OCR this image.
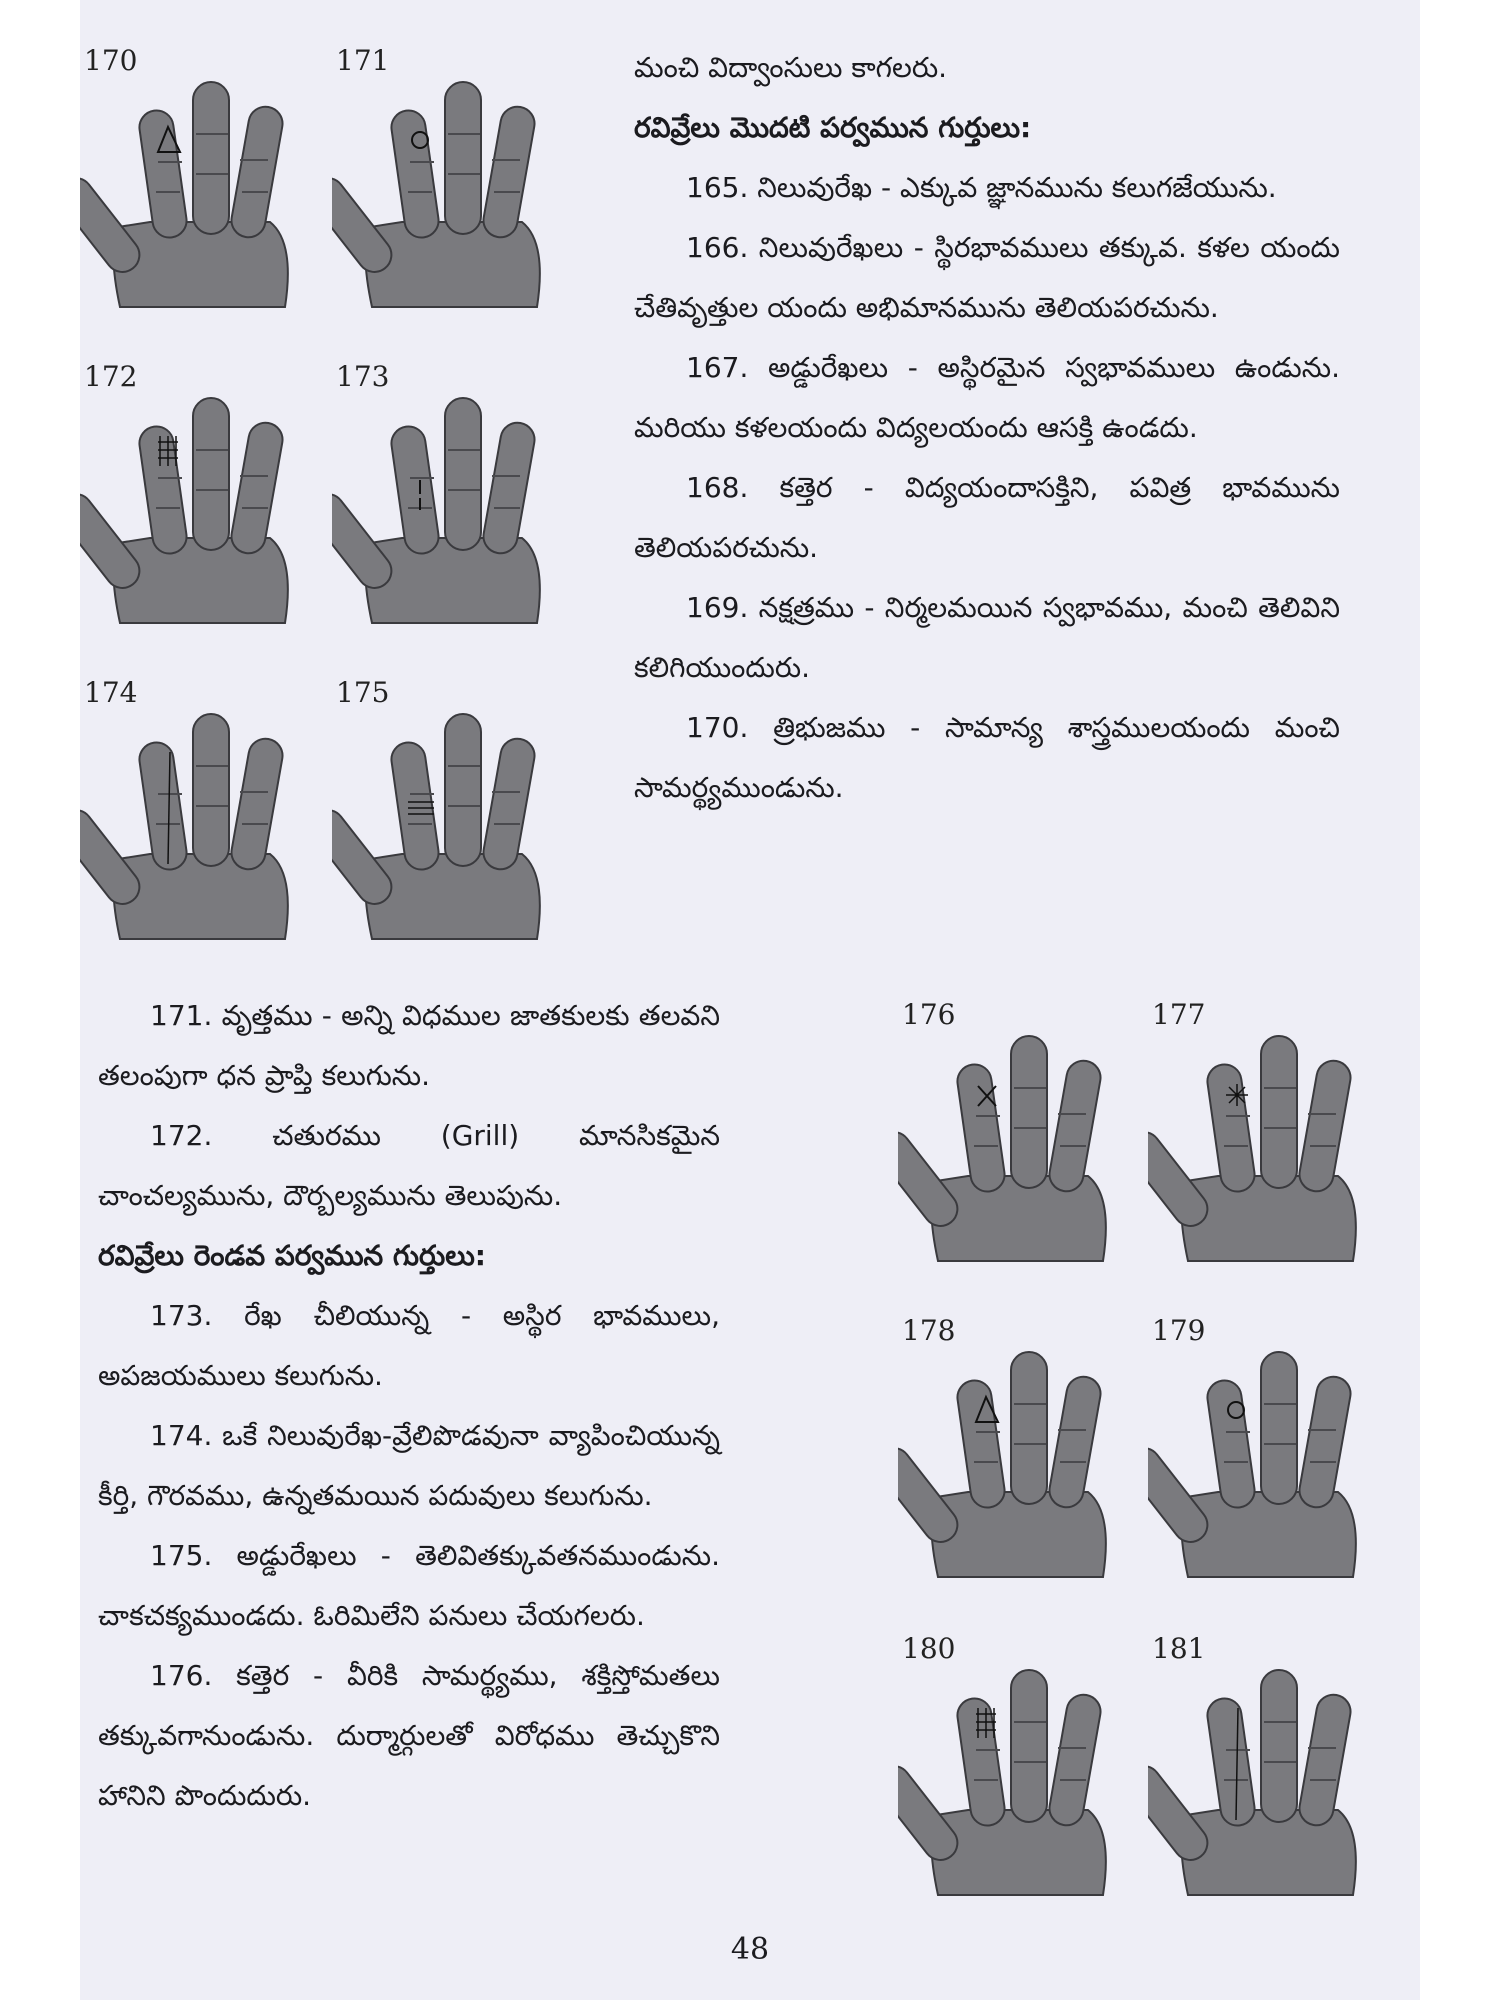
170	171
172	173
174	175

మంచి విద్వాంసులు కాగలరు.

రవివ్రేలు మొదటి పర్వమున గుర్తులు:

165. నిలువురేఖ - ఎక్కువ జ్ఞానమును కలుగజేయును.

166. నిలువురేఖలు - స్థిరభావములు తక్కువ. కళల యందు చేతివృత్తుల యందు అభిమానమును తెలియపరచును.

167. అడ్డురేఖలు - అస్థిరమైన స్వభావములు ఉండును. మరియు కళలయందు విద్యలయందు ఆసక్తి ఉండదు.

168. కత్తెర - విద్యయందాసక్తిని, పవిత్ర భావమును తెలియపరచును.

169. నక్షత్రము - నిర్మలమయిన స్వభావము, మంచి తెలివిని కలిగియుందురు.

170. త్రిభుజము - సామాన్య శాస్త్రములయందు మంచి సామర్థ్యముండును.

171. వృత్తము - అన్ని విధముల జాతకులకు తలవని తలంపుగా ధన ప్రాప్తి కలుగును.

172. చతురము (Grill) మానసికమైన చాంచల్యమును, దౌర్బల్యమును తెలుపును.

రవివ్రేలు రెండవ పర్వమున గుర్తులు:

173. రేఖ చీలియున్న - అస్థిర భావములు, అపజయములు కలుగును.

174. ఒకే నిలువురేఖ-వ్రేలిపొడవునా వ్యాపించియున్న కీర్తి, గౌరవము, ఉన్నతమయిన పదువులు కలుగును.

175. అడ్డురేఖలు - తెలివితక్కువతనముండును. చాకచక్యముండదు. ఓరిమిలేని పనులు చేయగలరు.

176. కత్తెర - వీరికి సామర్థ్యము, శక్తిస్తోమతలు తక్కువగానుండును. దుర్మార్గులతో విరోధము తెచ్చుకొని హానిని పొందుదురు.

176	177
178	179
180	181
48
